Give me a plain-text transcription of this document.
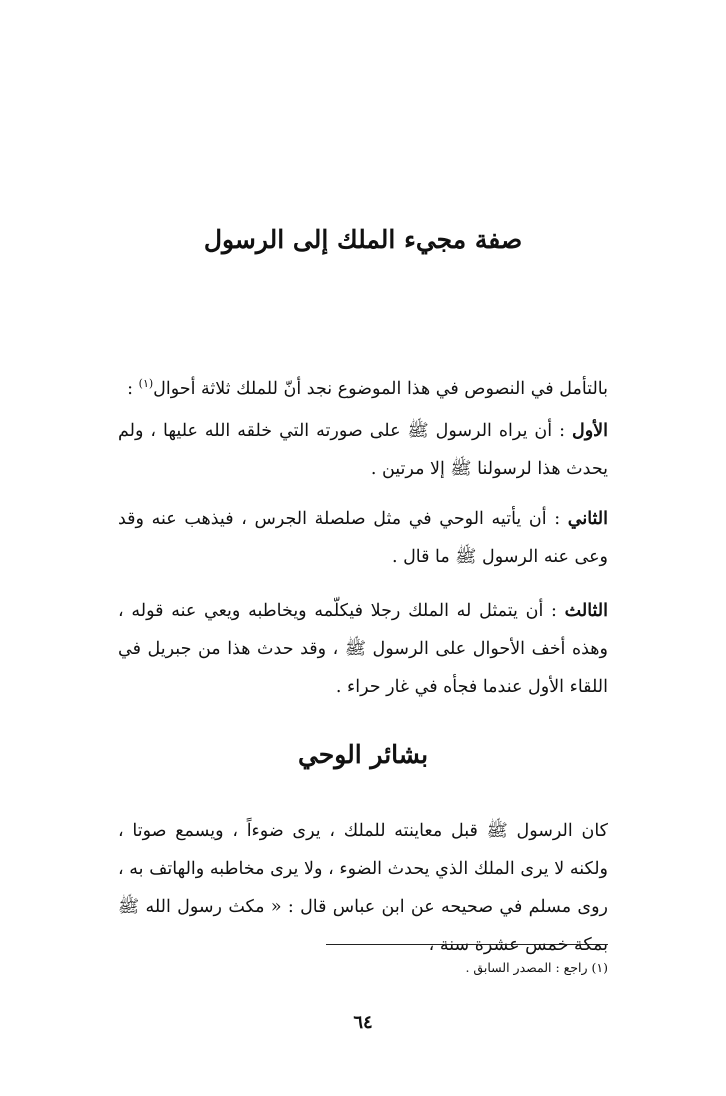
صفة مجيء الملك إلى الرسول

بالتأمل في النصوص في هذا الموضوع نجد أنّ للملك ثلاثة أحوال$^{(١)}$ :

الأول : أن يراه الرسول ﷺ على صورته التي خلقه الله عليها ، ولم يحدث هذا لرسولنا ﷺ إلا مرتين .

الثاني : أن يأتيه الوحي في مثل صلصلة الجرس ، فيذهب عنه وقد وعى عنه الرسول ﷺ ما قال .

الثالث : أن يتمثل له الملك رجلا فيكلّمه ويخاطبه ويعي عنه قوله ، وهذه أخف الأحوال على الرسول ﷺ ، وقد حدث هذا من جبريل في اللقاء الأول عندما فجأه في غار حراء .

بشائر الوحي

كان الرسول ﷺ قبل معاينته للملك ، يرى ضوءاً ، ويسمع صوتا ، ولكنه لا يرى الملك الذي يحدث الضوء ، ولا يرى مخاطبه والهاتف به ، روى مسلم في صحيحه عن ابن عباس قال : « مكث رسول الله ﷺ بمكة خمس عشرة سنة ،

(١) راجع : المصدر السابق .

٦٤
